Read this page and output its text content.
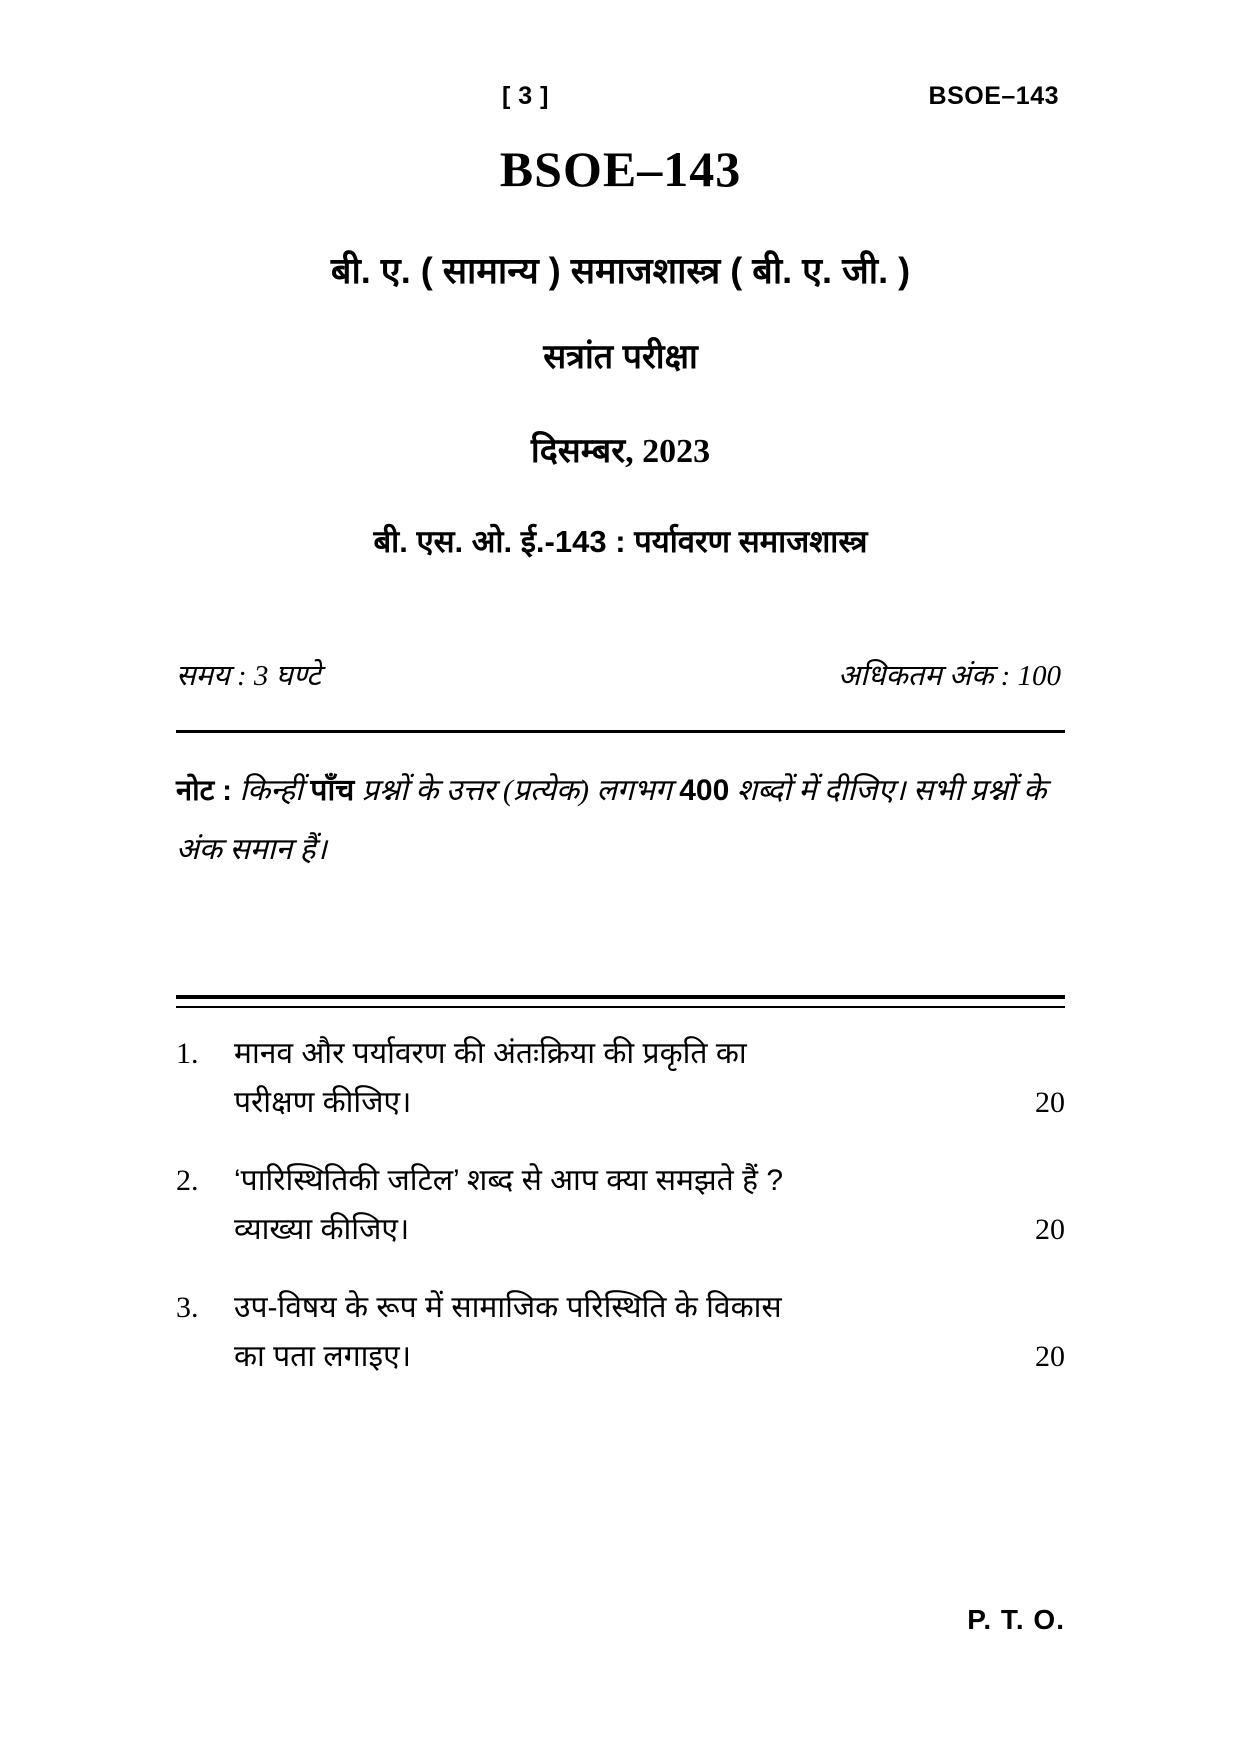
[ 3 ]	BSOE–143
BSOE–143
बी. ए. ( सामान्य ) समाजशास्त्र ( बी. ए. जी. )
सत्रांत परीक्षा
दिसम्बर, 2023
बी. एस. ओ. ई.-143 : पर्यावरण समाजशास्त्र
समय : 3 घण्टे	अधिकतम अंक : 100
नोट : किन्हीं पाँच प्रश्नों के उत्तर (प्रत्येक) लगभग 400 शब्दों में दीजिए। सभी प्रश्नों के अंक समान हैं।
1.	मानव और पर्यावरण की अंतःक्रिया की प्रकृति का
परीक्षण कीजिए।	20
2.	‘पारिस्थितिकी जटिल’ शब्द से आप क्या समझते हैं ?
व्याख्या कीजिए।	20
3.	उप-विषय के रूप में सामाजिक परिस्थिति के विकास
का पता लगाइए।	20
P. T. O.
